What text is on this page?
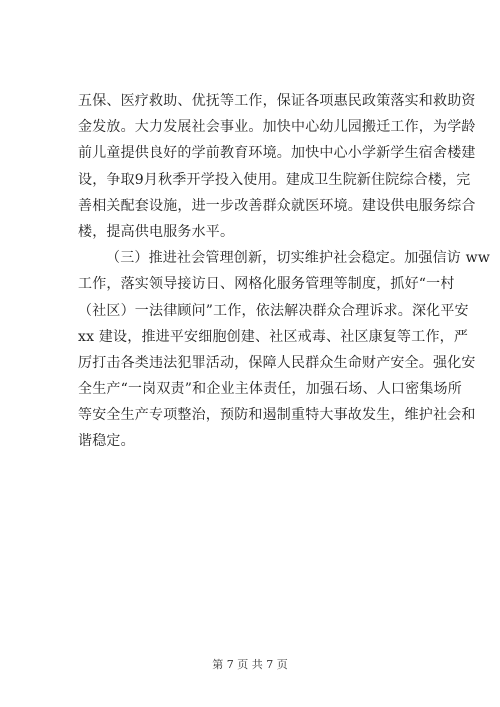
五保、医疗救助、优抚等工作，保证各项惠民政策落实和救助资
金发放。大力发展社会事业。加快中心幼儿园搬迁工作，为学龄
前儿童提供良好的学前教育环境。加快中心小学新学生宿舍楼建
设，争取9月秋季开学投入使用。建成卫生院新住院综合楼，完
善相关配套设施，进一步改善群众就医环境。建设供电服务综合
楼，提高供电服务水平。
（三）推进社会管理创新，切实维护社会稳定。加强信访 ww
工作，落实领导接访日、网格化服务管理等制度，抓好“一村
（社区）一法律顾问”工作，依法解决群众合理诉求。深化平安
xx 建设，推进平安细胞创建、社区戒毒、社区康复等工作，严
厉打击各类违法犯罪活动，保障人民群众生命财产安全。强化安
全生产“一岗双责”和企业主体责任，加强石场、人口密集场所
等安全生产专项整治，预防和遏制重特大事故发生，维护社会和
谐稳定。
第 7 页 共 7 页
